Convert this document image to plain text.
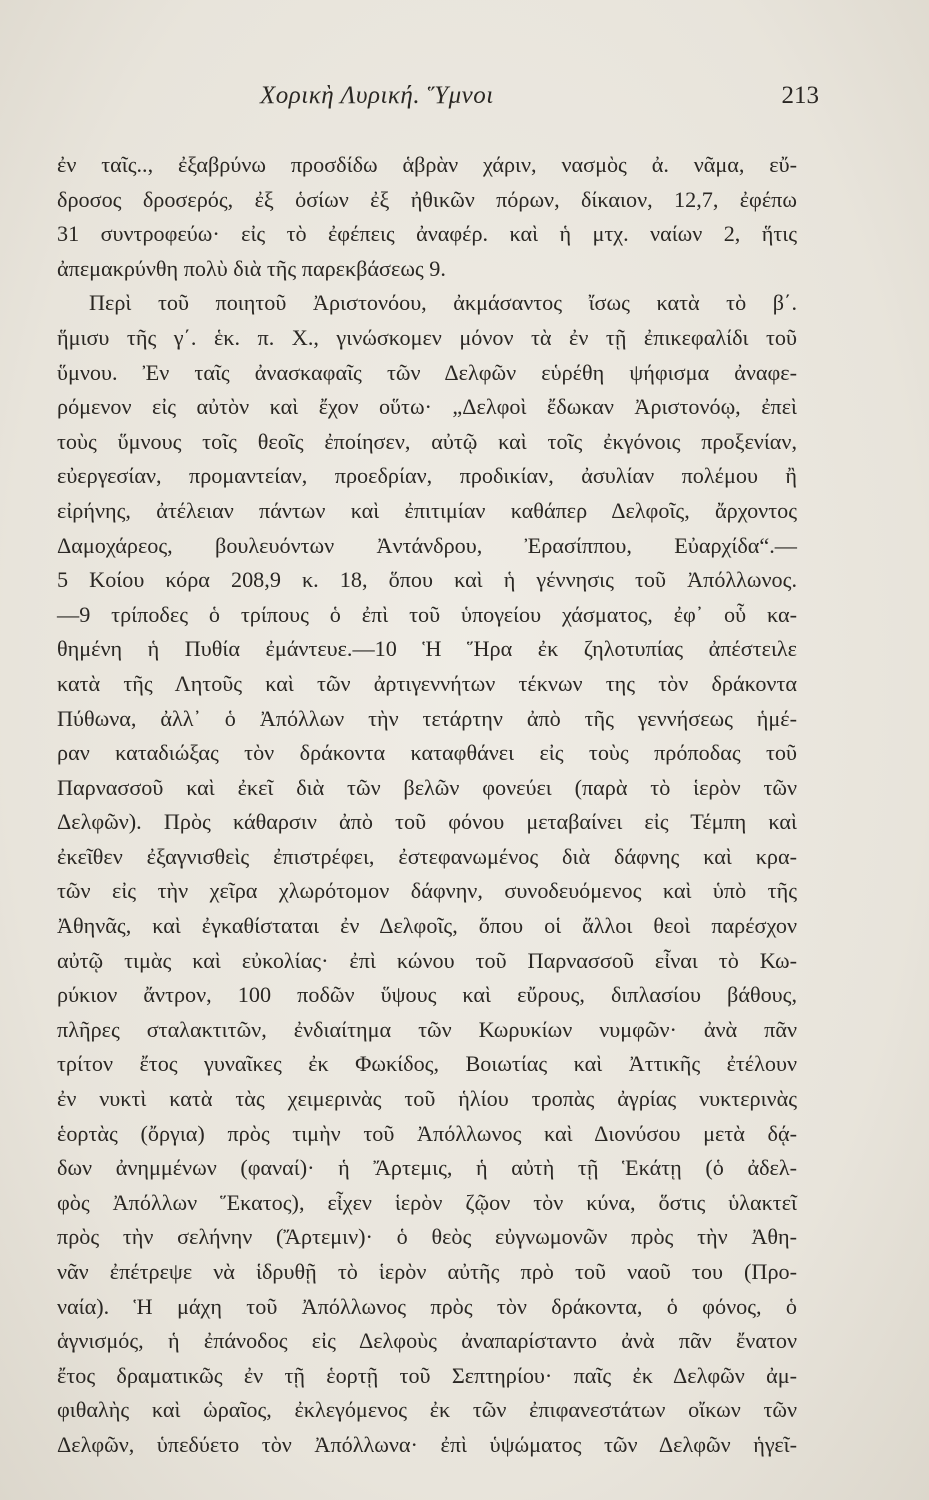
Χορικὴ Λυρική. Ὕμνοι	213
ἐν ταῖς.., ἐξαβρύνω προσδίδω ἁβρὰν χάριν, νασμὸς ἀ. νᾶμα, εὔ-
δροσος δροσερός, ἐξ ὁσίων ἐξ ἠθικῶν πόρων, δίκαιον, 12,7, ἐφέπω
31 συντροφεύω· εἰς τὸ ἐφέπεις ἀναφέρ. καὶ ἡ μτχ. ναίων 2, ἥτις
ἀπεμακρύνθη πολὺ διὰ τῆς παρεκβάσεως 9.
Περὶ τοῦ ποιητοῦ Ἀριστονόου, ἀκμάσαντος ἴσως κατὰ τὸ β΄.
ἥμισυ τῆς γ΄. ἑκ. π. Χ., γινώσκομεν μόνον τὰ ἐν τῇ ἐπικεφαλίδι τοῦ
ὕμνου. Ἐν ταῖς ἀνασκαφαῖς τῶν Δελφῶν εὑρέθη ψήφισμα ἀναφε-
ρόμενον εἰς αὐτὸν καὶ ἔχον οὕτω· „Δελφοὶ ἔδωκαν Ἀριστονόῳ, ἐπεὶ
τοὺς ὕμνους τοῖς θεοῖς ἐποίησεν, αὐτῷ καὶ τοῖς ἐκγόνοις προξενίαν,
εὐεργεσίαν, προμαντείαν, προεδρίαν, προδικίαν, ἀσυλίαν πολέμου ἢ
εἰρήνης, ἀτέλειαν πάντων καὶ ἐπιτιμίαν καθάπερ Δελφοῖς, ἄρχοντος
Δαμοχάρεος, βουλευόντων Ἀντάνδρου, Ἐρασίππου, Εὐαρχίδα“.—
5 Κοίου κόρα 208,9 κ. 18, ὅπου καὶ ἡ γέννησις τοῦ Ἀπόλλωνος.
—9 τρίποδες ὁ τρίπους ὁ ἐπὶ τοῦ ὑπογείου χάσματος, ἐφ᾽ οὗ κα-
θημένη ἡ Πυθία ἐμάντευε.—10 Ἡ Ἥρα ἐκ ζηλοτυπίας ἀπέστειλε
κατὰ τῆς Λητοῦς καὶ τῶν ἀρτιγεννήτων τέκνων της τὸν δράκοντα
Πύθωνα, ἀλλ᾽ ὁ Ἀπόλλων τὴν τετάρτην ἀπὸ τῆς γεννήσεως ἡμέ-
ραν καταδιώξας τὸν δράκοντα καταφθάνει εἰς τοὺς πρόποδας τοῦ
Παρνασσοῦ καὶ ἐκεῖ διὰ τῶν βελῶν φονεύει (παρὰ τὸ ἱερὸν τῶν
Δελφῶν). Πρὸς κάθαρσιν ἀπὸ τοῦ φόνου μεταβαίνει εἰς Τέμπη καὶ
ἐκεῖθεν ἐξαγνισθεὶς ἐπιστρέφει, ἐστεφανωμένος διὰ δάφνης καὶ κρα-
τῶν εἰς τὴν χεῖρα χλωρότομον δάφνην, συνοδευόμενος καὶ ὑπὸ τῆς
Ἀθηνᾶς, καὶ ἐγκαθίσταται ἐν Δελφοῖς, ὅπου οἱ ἄλλοι θεοὶ παρέσχον
αὐτῷ τιμὰς καὶ εὐκολίας· ἐπὶ κώνου τοῦ Παρνασσοῦ εἶναι τὸ Κω-
ρύκιον ἄντρον, 100 ποδῶν ὕψους καὶ εὔρους, διπλασίου βάθους,
πλῆρες σταλακτιτῶν, ἐνδιαίτημα τῶν Κωρυκίων νυμφῶν· ἀνὰ πᾶν
τρίτον ἔτος γυναῖκες ἐκ Φωκίδος, Βοιωτίας καὶ Ἀττικῆς ἐτέλουν
ἐν νυκτὶ κατὰ τὰς χειμερινὰς τοῦ ἡλίου τροπὰς ἀγρίας νυκτερινὰς
ἑορτὰς (ὄργια) πρὸς τιμὴν τοῦ Ἀπόλλωνος καὶ Διονύσου μετὰ δᾴ-
δων ἀνημμένων (φαναί)· ἡ Ἄρτεμις, ἡ αὐτὴ τῇ Ἑκάτῃ (ὁ ἀδελ-
φὸς Ἀπόλλων Ἕκατος), εἶχεν ἱερὸν ζῷον τὸν κύνα, ὅστις ὑλακτεῖ
πρὸς τὴν σελήνην (Ἄρτεμιν)· ὁ θεὸς εὐγνωμονῶν πρὸς τὴν Ἀθη-
νᾶν ἐπέτρεψε νὰ ἱδρυθῇ τὸ ἱερὸν αὐτῆς πρὸ τοῦ ναοῦ του (Προ-
ναία). Ἡ μάχη τοῦ Ἀπόλλωνος πρὸς τὸν δράκοντα, ὁ φόνος, ὁ
ἁγνισμός, ἡ ἐπάνοδος εἰς Δελφοὺς ἀναπαρίσταντο ἀνὰ πᾶν ἔνατον
ἔτος δραματικῶς ἐν τῇ ἑορτῇ τοῦ Σεπτηρίου· παῖς ἐκ Δελφῶν ἀμ-
φιθαλὴς καὶ ὡραῖος, ἐκλεγόμενος ἐκ τῶν ἐπιφανεστάτων οἴκων τῶν
Δελφῶν, ὑπεδύετο τὸν Ἀπόλλωνα· ἐπὶ ὑψώματος τῶν Δελφῶν ἡγεῖ-
